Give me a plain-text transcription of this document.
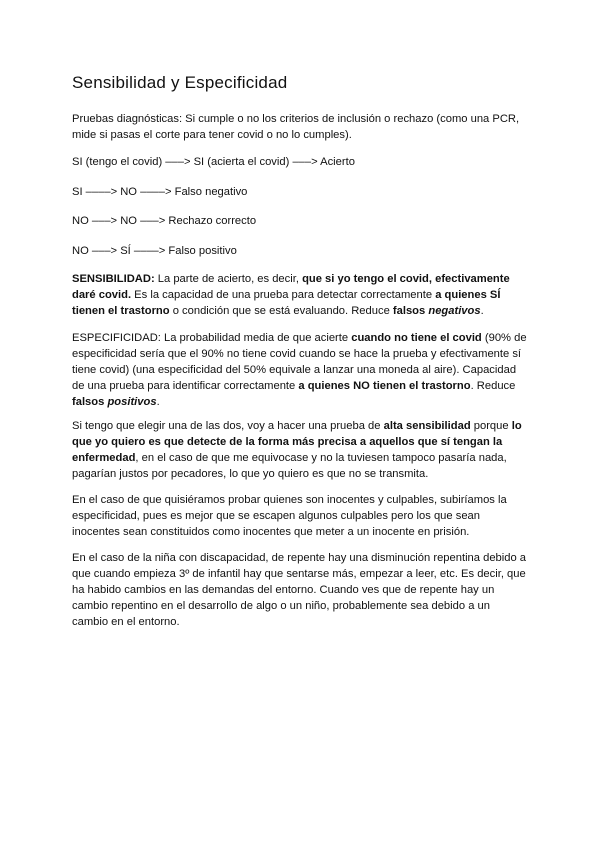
Sensibilidad y Especificidad

Pruebas diagnósticas: Si cumple o no los criterios de inclusión o rechazo (como una PCR, mide si pasas el corte para tener covid o no lo cumples).

SI (tengo el covid) –––> SI (acierta el covid) –––> Acierto

SI ––––> NO ––––> Falso negativo

NO –––> NO –––> Rechazo correcto

NO –––> SÍ ––––> Falso positivo

SENSIBILIDAD: La parte de acierto, es decir, que si yo tengo el covid, efectivamente daré covid. Es la capacidad de una prueba para detectar correctamente a quienes SÍ tienen el trastorno o condición que se está evaluando. Reduce falsos negativos.

ESPECIFICIDAD: La probabilidad media de que acierte cuando no tiene el covid (90% de especificidad sería que el 90% no tiene covid cuando se hace la prueba y efectivamente sí tiene covid) (una especificidad del 50% equivale a lanzar una moneda al aire). Capacidad de una prueba para identificar correctamente a quienes NO tienen el trastorno. Reduce falsos positivos.

Si tengo que elegir una de las dos, voy a hacer una prueba de alta sensibilidad porque lo que yo quiero es que detecte de la forma más precisa a aquellos que sí tengan la enfermedad, en el caso de que me equivocase y no la tuviesen tampoco pasaría nada, pagarían justos por pecadores, lo que yo quiero es que no se transmita.

En el caso de que quisiéramos probar quienes son inocentes y culpables, subiríamos la especificidad, pues es mejor que se escapen algunos culpables pero los que sean inocentes sean constituidos como inocentes que meter a un inocente en prisión.

En el caso de la niña con discapacidad, de repente hay una disminución repentina debido a que cuando empieza 3º de infantil hay que sentarse más, empezar a leer, etc. Es decir, que ha habido cambios en las demandas del entorno. Cuando ves que de repente hay un cambio repentino en el desarrollo de algo o un niño, probablemente sea debido a un cambio en el entorno.
